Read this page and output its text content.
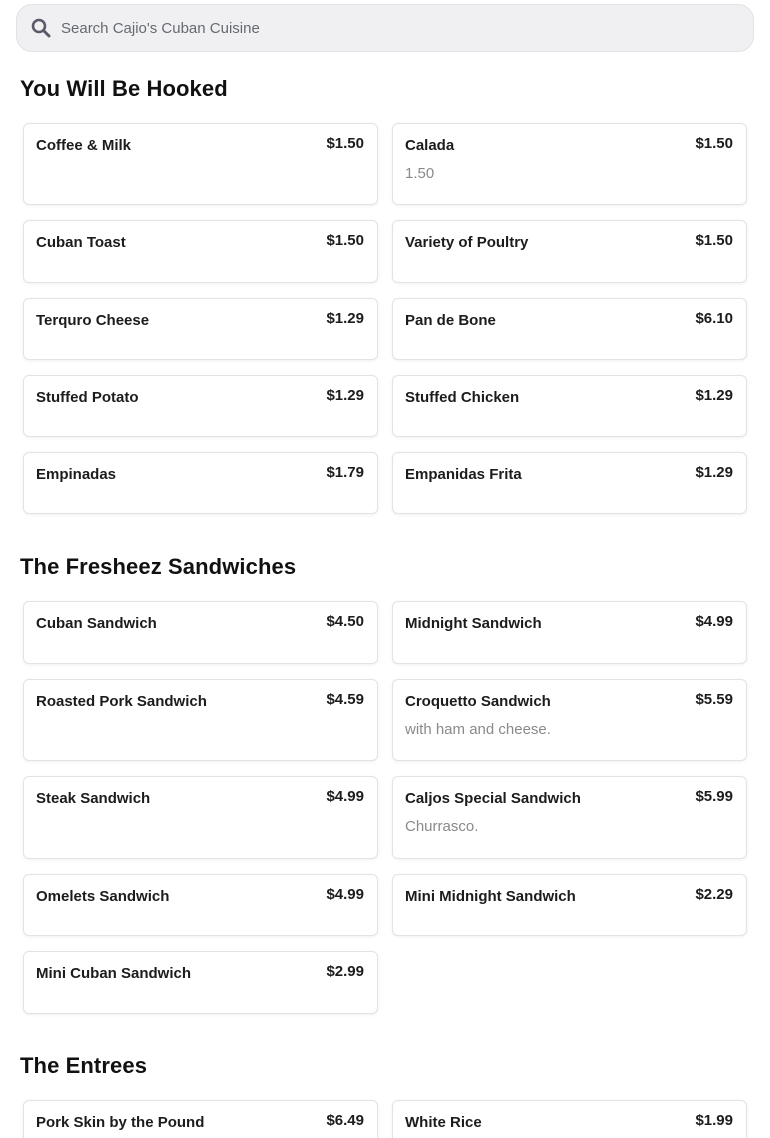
Search Cajio's Cuban Cuisine
You Will Be Hooked
Coffee & Milk	$1.50	Calada	$1.50
1.50
Cuban Toast	$1.50	Variety of Poultry	$1.50
Terquro Cheese	$1.29	Pan de Bone	$6.10
Stuffed Potato	$1.29	Stuffed Chicken	$1.29
Empinadas	$1.79	Empanidas Frita	$1.29
The Fresheez Sandwiches
Cuban Sandwich	$4.50	Midnight Sandwich	$4.99
Roasted Pork Sandwich	$4.59	Croquetto Sandwich	$5.59
with ham and cheese.
Steak Sandwich	$4.99	Caljos Special Sandwich	$5.99
Churrasco.
Omelets Sandwich	$4.99	Mini Midnight Sandwich	$2.29
Mini Cuban Sandwich	$2.99
The Entrees
Pork Skin by the Pound	$6.49	White Rice	$1.99
